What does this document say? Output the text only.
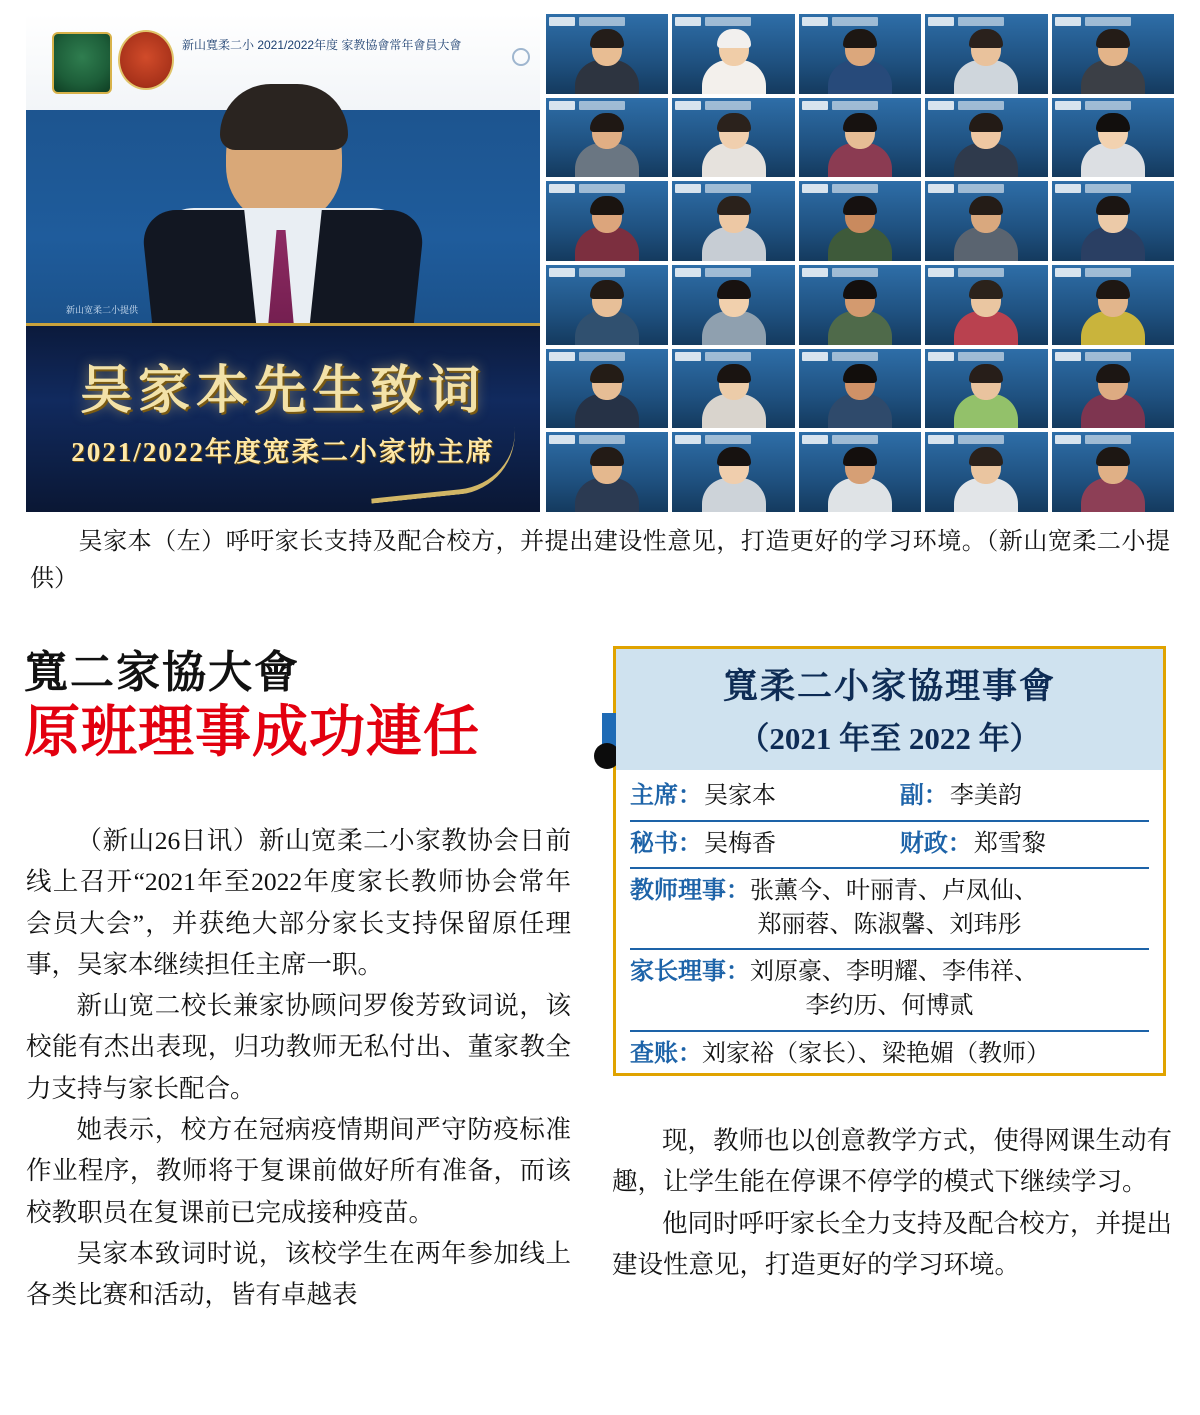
新山寬柔二小 2021/2022年度 家教協會常年會員大會
新山宽柔二小提供
吴家本先生致词
2021/2022年度宽柔二小家协主席
吴家本（左）呼吁家长支持及配合校方，并提出建设性意见，打造更好的学习环境。（新山宽柔二小提供）
寬二家協大會
原班理事成功連任

（新山26日讯）新山宽柔二小家教协会日前线上召开“2021年至2022年度家长教师协会常年会员大会”，并获绝大部分家长支持保留原任理事，吴家本继续担任主席一职。

新山宽二校长兼家协顾问罗俊芳致词说，该校能有杰出表现，归功教师无私付出、董家教全力支持与家长配合。

她表示，校方在冠病疫情期间严守防疫标准作业程序，教师将于复课前做好所有准备，而该校教职员在复课前已完成接种疫苗。

吴家本致词时说，该校学生在两年参加线上各类比赛和活动，皆有卓越表

寬柔二小家協理事會
（2021 年至 2022 年）
主席： 吴家本	副： 李美韵
秘书： 吴梅香	财政： 郑雪黎
教师理事：张薰今、叶丽青、卢凤仙、
郑丽蓉、陈淑馨、刘玮彤
家长理事：刘原豪、李明耀、李伟祥、
李约历、何博贰
查账：刘家裕（家长）、梁艳媚（教师）

现，教师也以创意教学方式，使得网课生动有趣，让学生能在停课不停学的模式下继续学习。

他同时呼吁家长全力支持及配合校方，并提出建设性意见，打造更好的学习环境。
